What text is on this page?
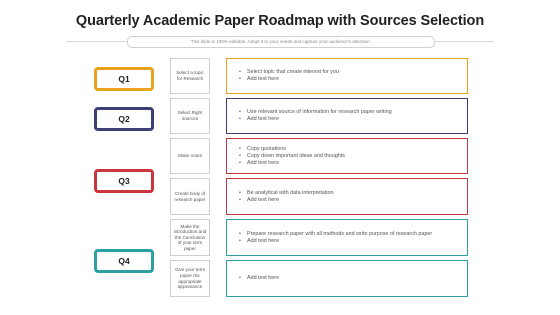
Quarterly Academic Paper Roadmap with Sources Selection
This slide is 100% editable. Adapt it to your needs and capture your audience's attention.
Q1
Q2
Q3
Q4
Select a topic for Research
• Select topic that create interest for you
• Add text here
Select Right sources
• Use relevant source of information for research paper writing
• Add text here
Make notes
• Copy quotations
• Copy down important ideas and thoughts
• Add text here
Create body of research paper
• Be analytical with data interpretation
• Add text here
Make the introduction and the Conclusion of your term paper
• Prepare research paper with all methods and write purpose of research paper
• Add text here
Give your term paper the appropriate appearance
• Add text here
